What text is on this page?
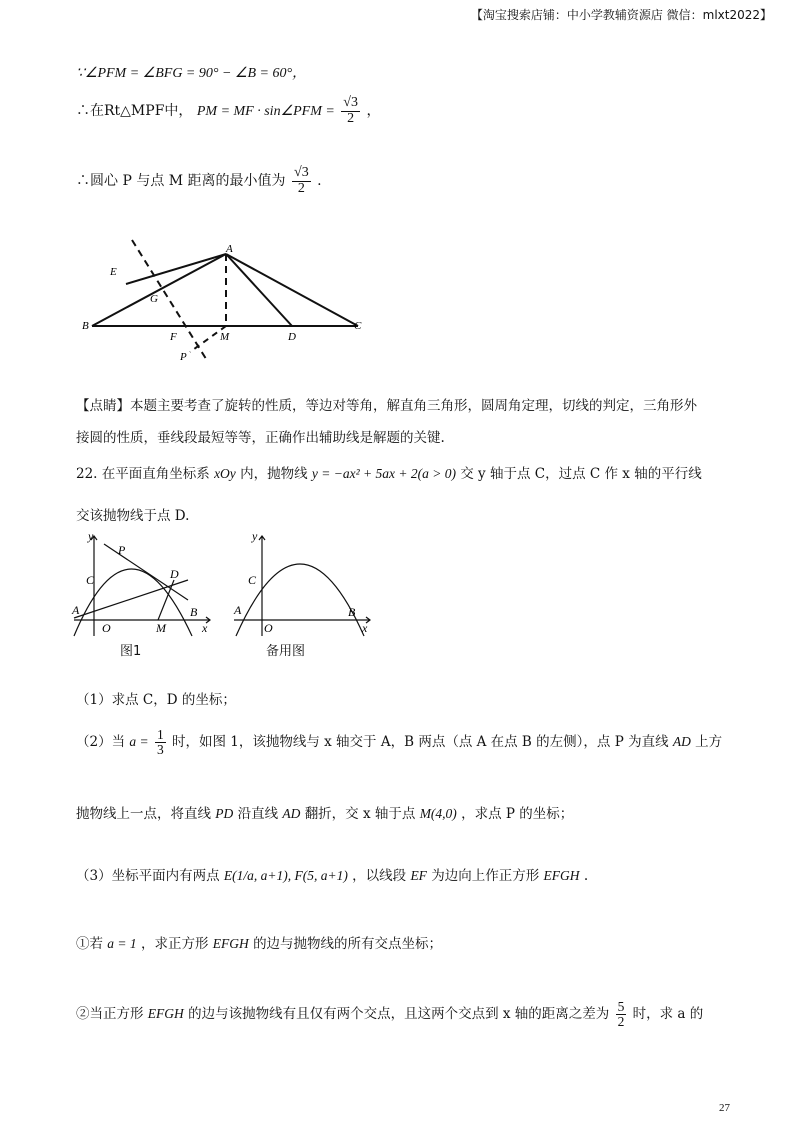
【淘宝搜索店铺：中小学教辅资源店 微信：mlxt2022】
∵∠PFM = ∠BFG = 90° − ∠B = 60°，
∴在Rt△MPF中， PM = MF · sin∠PFM = $\frac{√3}{2}$ ，
∴圆心 P 与点 M 距离的最小值为 $\frac{√3}{2}$ .
A
E
G
B
F	M	D
C
P
【点睛】本题主要考查了旋转的性质，等边对等角，解直角三角形，圆周角定理，切线的判定，三角形外
接圆的性质，垂线段最短等等，正确作出辅助线是解题的关键.
22. 在平面直角坐标系 xOy 内，抛物线 y = −ax² + 5ax + 2(a > 0) 交 y 轴于点 C，过点 C 作 x 轴的平行线
交该抛物线于点 D.
y
P
C	D
A
O	M
B
x
图1
y
C
A
O
B
x
备用图
（1）求点 C，D 的坐标；
（2）当 $a = \frac{1}{3}$ 时，如图 1，该抛物线与 x 轴交于 A，B 两点（点 A 在点 B 的左侧），点 P 为直线 AD 上方
抛物线上一点，将直线 PD 沿直线 AD 翻折，交 x 轴于点 M(4,0) ，求点 P 的坐标；
（3）坐标平面内有两点 E(1/a, a+1), F(5, a+1) ，以线段 EF 为边向上作正方形 EFGH .
①若 a = 1 ，求正方形 EFGH 的边与抛物线的所有交点坐标；
②当正方形 EFGH 的边与该抛物线有且仅有两个交点，且这两个交点到 x 轴的距离之差为 $\frac{5}{2}$ 时，求 a 的
27
